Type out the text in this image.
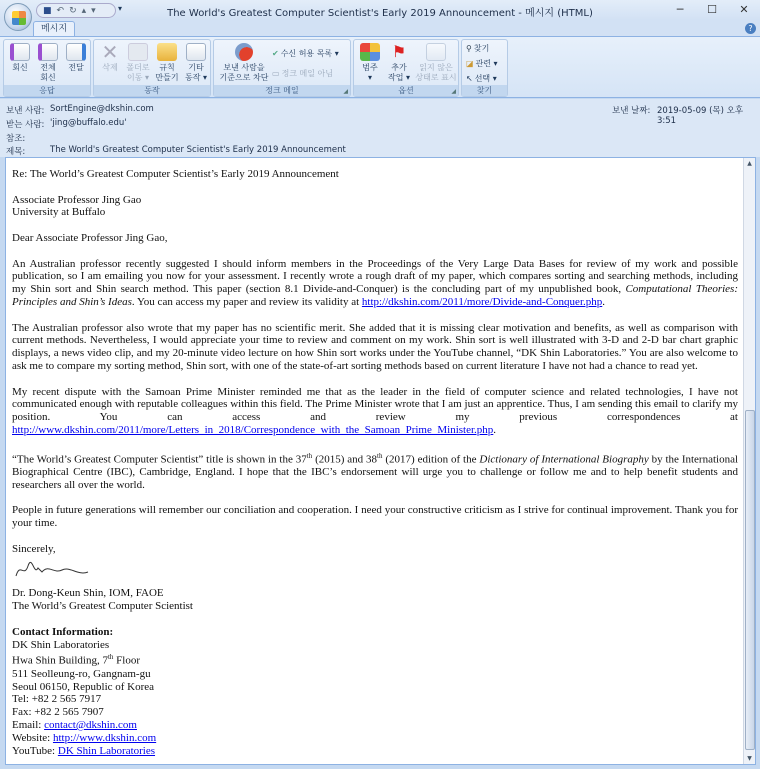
The World's Greatest Computer Scientist's Early 2019 Announcement - 메시지 (HTML)	─	☐	✕
■ ↶ ↻ ▴ ▾	▾
메시지	?
회신	전체
회신
전달
응답
✕
삭제	폴더로
이동 ▾
규칙
만들기
기타
동작 ▾
동작
보낸 사람을
기준으로 차단
✔ 수신 허용 목록 ▾
▭ 정크 메일 아님
정크 메일	◢
범주
▾
⚑
추가
작업 ▾
읽지 않은
상태로 표시
옵션	◢
⚲ 찾기
◪ 관련 ▾
↖ 선택 ▾
찾기
보낸 사람: SortEngine@dkshin.com
받는 사람: 'jing@buffalo.edu'
참조:
제목:	The World's Greatest Computer Scientist's Early 2019 Announcement
보낸 날짜: 2019-05-09 (목) 오후 3:51

Re: The World’s Greatest Computer Scientist’s Early 2019 Announcement

Associate Professor Jing Gao
University at Buffalo

Dear Associate Professor Jing Gao,

An Australian professor recently suggested I should inform members in the Proceedings of the Very Large Data Bases for review of my work and possible publication, so I am emailing you now for your assessment. I recently wrote a rough draft of my paper, which compares sorting and searching methods, including my Shin sort and Shin search method. This paper (section 8.1 Divide-and-Conquer) is the concluding part of my unpublished book, Computational Theories: Principles and Shin’s Ideas. You can access my paper and review its validity at http://dkshin.com/2011/more/Divide-and-Conquer.php.

The Australian professor also wrote that my paper has no scientific merit. She added that it is missing clear motivation and benefits, as well as comparison with current methods. Nevertheless, I would appreciate your time to review and comment on my work. Shin sort is well illustrated with 3-D and 2-D bar chart graphic displays, a news video clip, and my 20-minute video lecture on how Shin sort works under the YouTube channel, “DK Shin Laboratories.” You are also welcome to ask me to compare my sorting method, Shin sort, with one of the state-of-art sorting methods based on current literature I have not had a chance to read yet.

My recent dispute with the Samoan Prime Minister reminded me that as the leader in the field of computer science and related technologies, I have not communicated enough with reputable colleagues within this field. The Prime Minister wrote that I am just an apprentice. Thus, I am sending this email to clarify my position. You can access and review my previous correspondences at http://www.dkshin.com/2011/more/Letters_in_2018/Correspondence_with_the_Samoan_Prime_Minister.php.

“The World’s Greatest Computer Scientist” title is shown in the 37th (2015) and 38th (2017) edition of the Dictionary of International Biography by the International Biographical Centre (IBC), Cambridge, England. I hope that the IBC’s endorsement will urge you to challenge or follow me and to help benefit students and researchers all over the world.

People in future generations will remember our conciliation and cooperation. I need your constructive criticism as I strive for continual improvement. Thank you for your time.

Sincerely,
Dr. Dong-Keun Shin, IOM, FAOE
The World’s Greatest Computer Scientist
Contact Information:
DK Shin Laboratories
Hwa Shin Building, 7th Floor
511 Seolleung-ro, Gangnam-gu
Seoul 06150, Republic of Korea
Tel: +82 2 565 7917
Fax: +82 2 565 7907
Email: contact@dkshin.com
Website: http://www.dkshin.com
YouTube: DK Shin Laboratories
▲
▼
